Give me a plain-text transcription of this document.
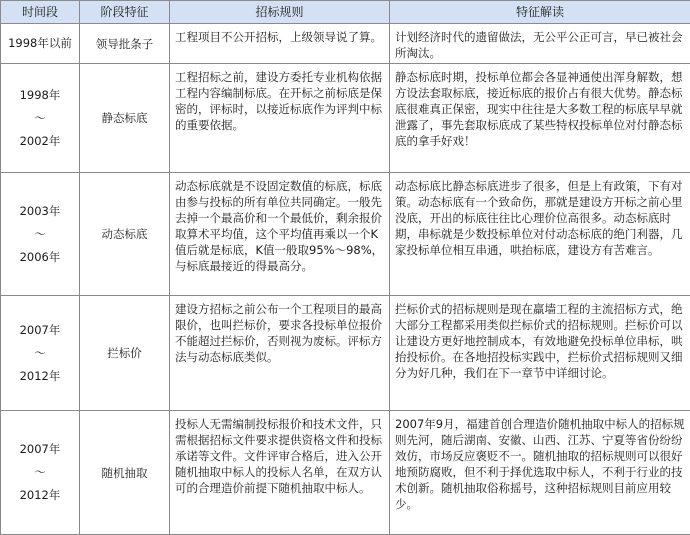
时间段	阶段特征	招标规则	特征解读
1998年以前	领导批条子	工程项目不公开招标，上级领导说了算。	计划经济时代的遗留做法，无公平公正可言，早已被社会所淘汰。

1998年
～
2002年	静态标底	工程招标之前，建设方委托专业机构依据工程内容编制标底。在开标之前标底是保密的，评标时，以接近标底作为评判中标的重要依据。	静态标底时期，投标单位都会各显神通使出浑身解数，想方设法套取标底，接近标底的报价占有很大优势。静态标底很难真正保密，现实中往往是大多数工程的标底早早就泄露了，事先套取标底成了某些特权投标单位对付静态标底的拿手好戏！

2003年
～
2006年	动态标底	动态标底就是不设固定数值的标底，标底由参与投标的所有单位共同确定。一般先去掉一个最高价和一个最低价，剩余报价取算术平均值，这个平均值再乘以一个K值后就是标底，K值一般取95%～98%，与标底最接近的得最高分。	动态标底比静态标底进步了很多，但是上有政策，下有对策。动态标底有一个致命伤，那就是建设方开标之前心里没底，开出的标底往往比心理价位高很多。动态标底时期，串标就是少数投标单位对付动态标底的绝门利器，几家投标单位相互串通，哄抬标底，建设方有苦难言。

2007年
～
2012年	拦标价	建设方招标之前公布一个工程项目的最高限价，也叫拦标价，要求各投标单位报价不能超过拦标价，否则视为废标。评标方法与动态标底类似。	拦标价式的招标规则是现在羸墙工程的主流招标方式，绝大部分工程都采用类似拦标价式的招标规则。拦标价可以让建设方更好地控制成本，有效地避免投标单位串标，哄抬投标价。在各地招投标实践中，拦标价式招标规则又细分为好几种，我们在下一章节中详细讨论。

2007年
～
2012年	随机抽取	投标人无需编制投标报价和技术文件，只需根据招标文件要求提供资格文件和投标承诺等文件。文件评审合格后，进入公开随机抽取中标人的投标人名单，在双方认可的合理造价前提下随机抽取中标人。	2007年9月，福建首创合理造价随机抽取中标人的招标规则先河，随后湖南、安徽、山西、江苏、宁夏等省份纷纷效仿，市场反应褒贬不一。随机抽取的招标规则可以很好地预防腐败，但不利于择优选取中标人，不利于行业的技术创新。随机抽取俗称摇号，这种招标规则目前应用较少。
